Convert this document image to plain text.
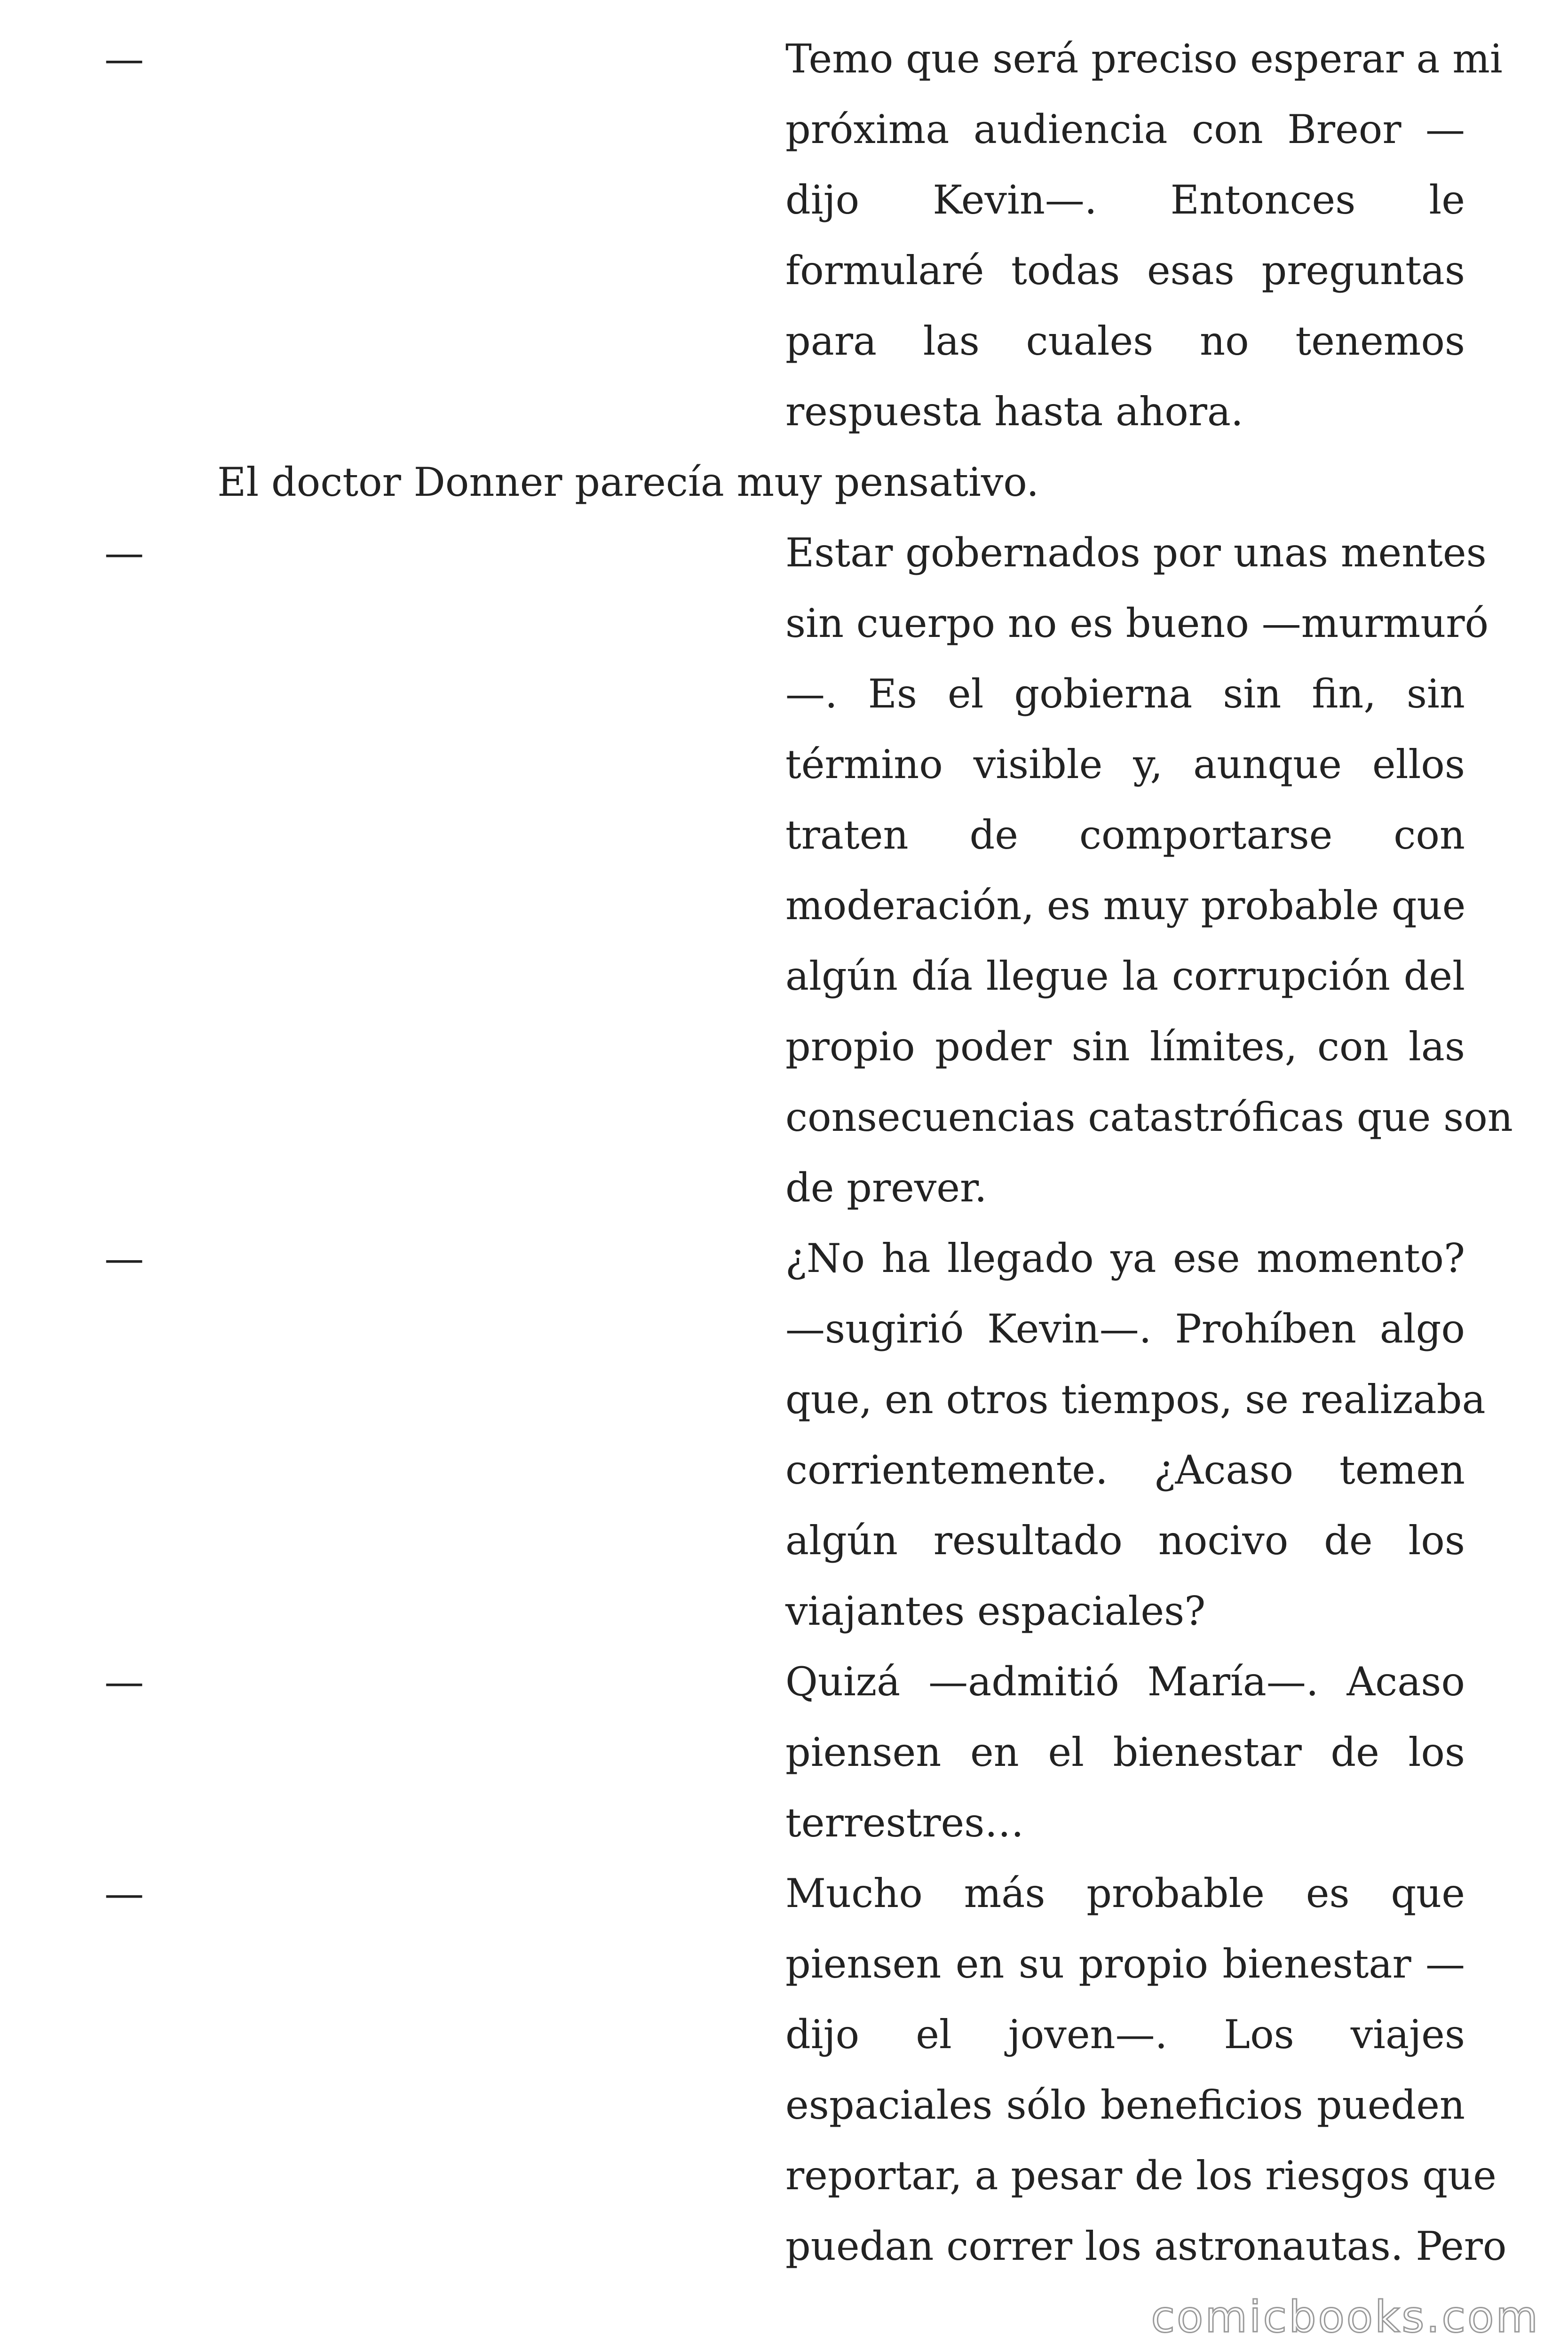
—	Temo que será preciso esperar a mi
próxima audiencia con Breor —
dijo Kevin—. Entonces le
formularé todas esas preguntas
para las cuales no tenemos
respuesta hasta ahora.
El doctor Donner parecía muy pensativo.
—	Estar gobernados por unas mentes
sin cuerpo no es bueno —murmuró
—. Es el gobierna sin fin, sin
término visible y, aunque ellos
traten de comportarse con
moderación, es muy probable que
algún día llegue la corrupción del
propio poder sin límites, con las
consecuencias catastróficas que son
de prever.
—	¿No ha llegado ya ese momento?
—sugirió Kevin—. Prohíben algo
que, en otros tiempos, se realizaba
corrientemente. ¿Acaso temen
algún resultado nocivo de los
viajantes espaciales?
—	Quizá —admitió María—. Acaso
piensen en el bienestar de los
terrestres…
—	Mucho más probable es que
piensen en su propio bienestar —
dijo el joven—. Los viajes
espaciales sólo beneficios pueden
reportar, a pesar de los riesgos que
puedan correr los astronautas. Pero
comicbooks.com
